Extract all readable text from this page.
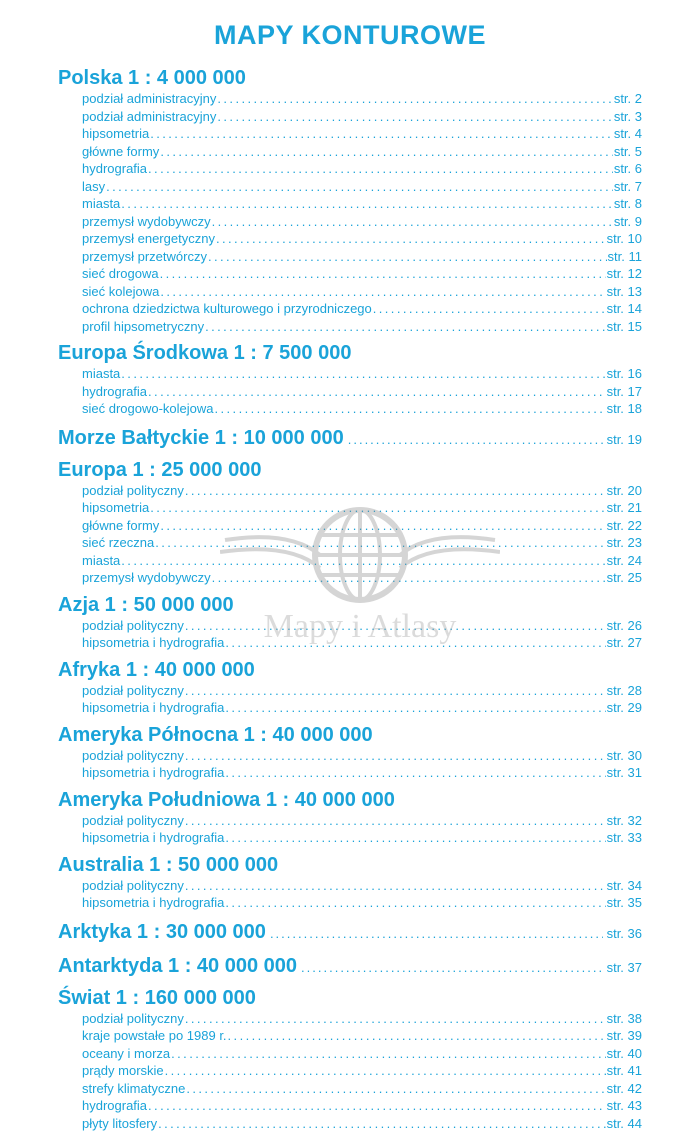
MAPY KONTUROWE
Polska 1 : 4 000 000
podział administracyjny .....	str. 2
podział administracyjny .....	str. 3
hipsometria .....	str. 4
główne formy .....	str. 5
hydrografia .....	str. 6
lasy .....	str. 7
miasta .....	str. 8
przemysł wydobywczy .....	str. 9
przemysł energetyczny .....	str. 10
przemysł przetwórczy .....	str. 11
sieć drogowa .....	str. 12
sieć kolejowa .....	str. 13
ochrona dziedzictwa kulturowego i przyrodniczego .....	str. 14
profil hipsometryczny .....	str. 15
Europa Środkowa 1 : 7 500 000
miasta .....	str. 16
hydrografia .....	str. 17
sieć drogowo-kolejowa .....	str. 18
Morze Bałtyckie 1 : 10 000 000 .....	str. 19
Europa 1 : 25 000 000
podział polityczny .....	str. 20
hipsometria .....	str. 21
główne formy .....	str. 22
sieć rzeczna .....	str. 23
miasta .....	str. 24
przemysł wydobywczy .....	str. 25
Azja 1 : 50 000 000
podział polityczny .....	str. 26
hipsometria i hydrografia .....	str. 27
Afryka 1 : 40 000 000
podział polityczny .....	str. 28
hipsometria i hydrografia .....	str. 29
Ameryka Północna 1 : 40 000 000
podział polityczny .....	str. 30
hipsometria i hydrografia .....	str. 31
Ameryka Południowa 1 : 40 000 000
podział polityczny .....	str. 32
hipsometria i hydrografia .....	str. 33
Australia 1 : 50 000 000
podział polityczny .....	str. 34
hipsometria i hydrografia .....	str. 35
Arktyka 1 : 30 000 000 .....	str. 36
Antarktyda 1 : 40 000 000 .....	str. 37
Świat 1 : 160 000 000
podział polityczny .....	str. 38
kraje powstałe po 1989 r. .....	str. 39
oceany i morza .....	str. 40
prądy morskie .....	str. 41
strefy klimatyczne .....	str. 42
hydrografia .....	str. 43
płyty litosfery .....	str. 44
Mapy i Atlasy
